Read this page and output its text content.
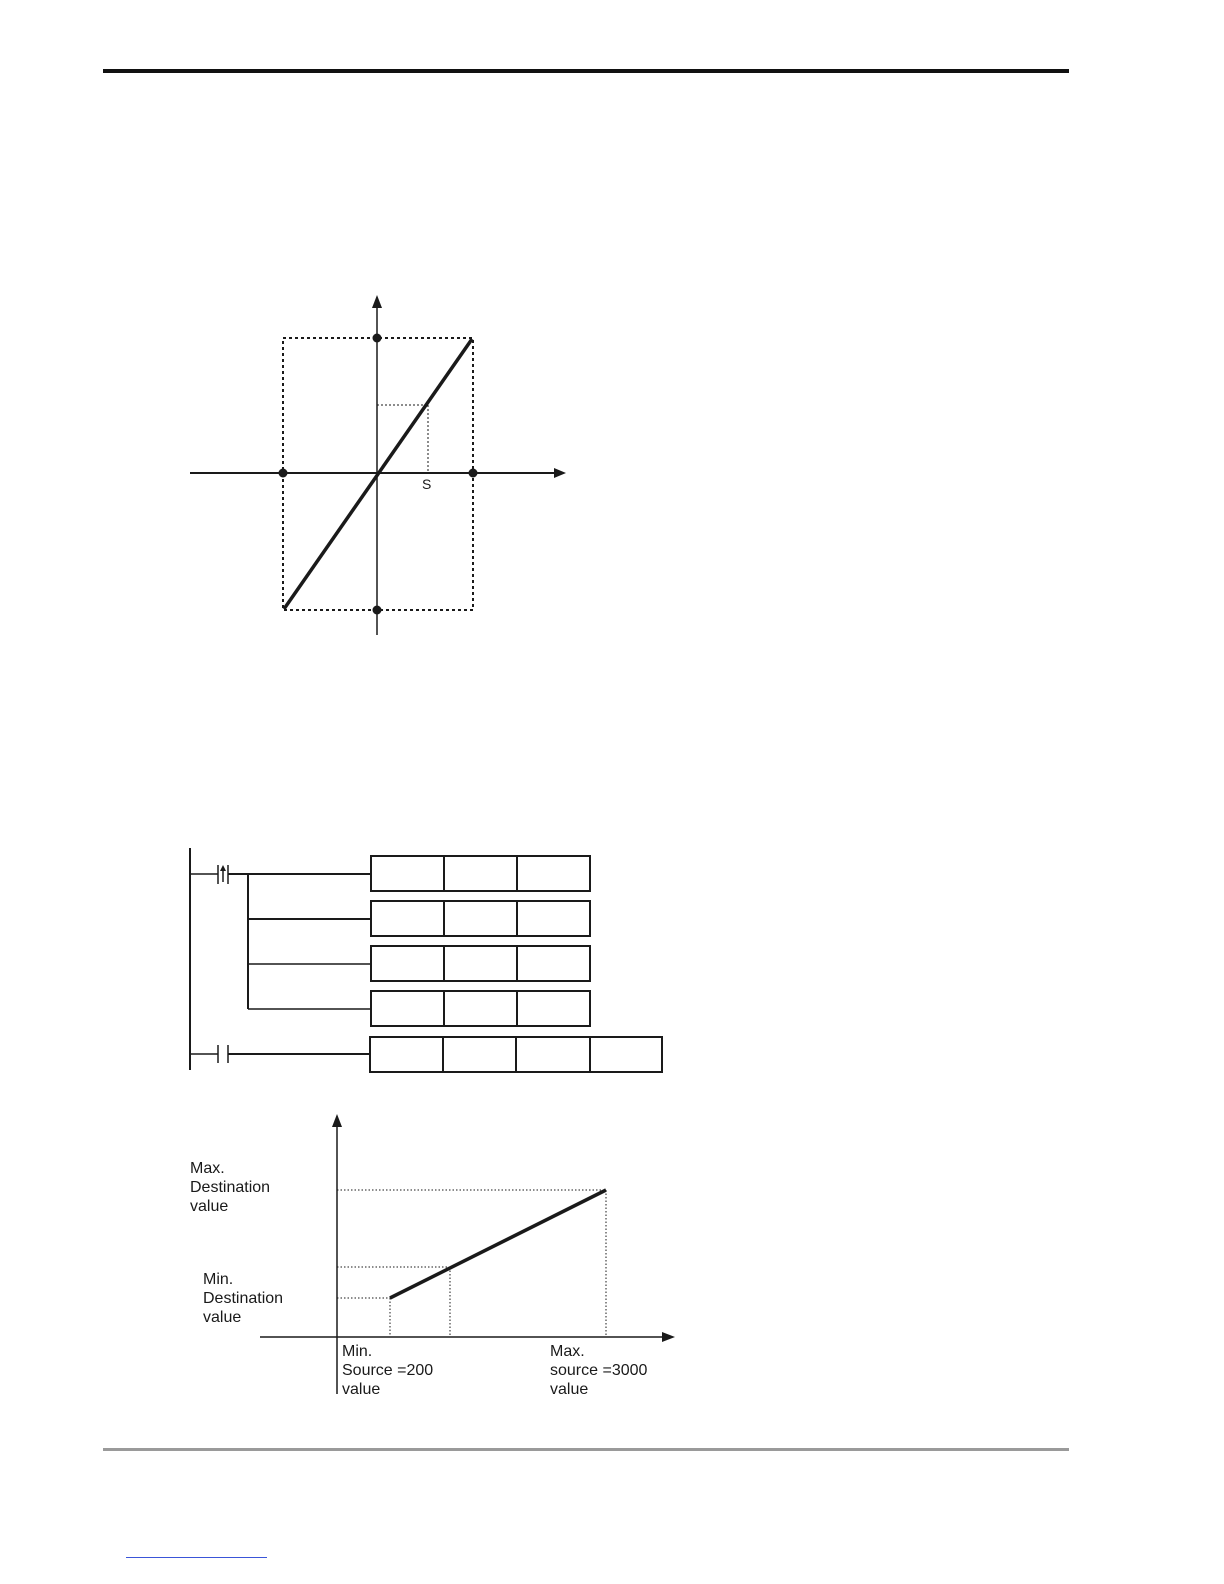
S
Max. Destination value
Min. Destination value
Min. Source =200 value
Max. source =3000 value
